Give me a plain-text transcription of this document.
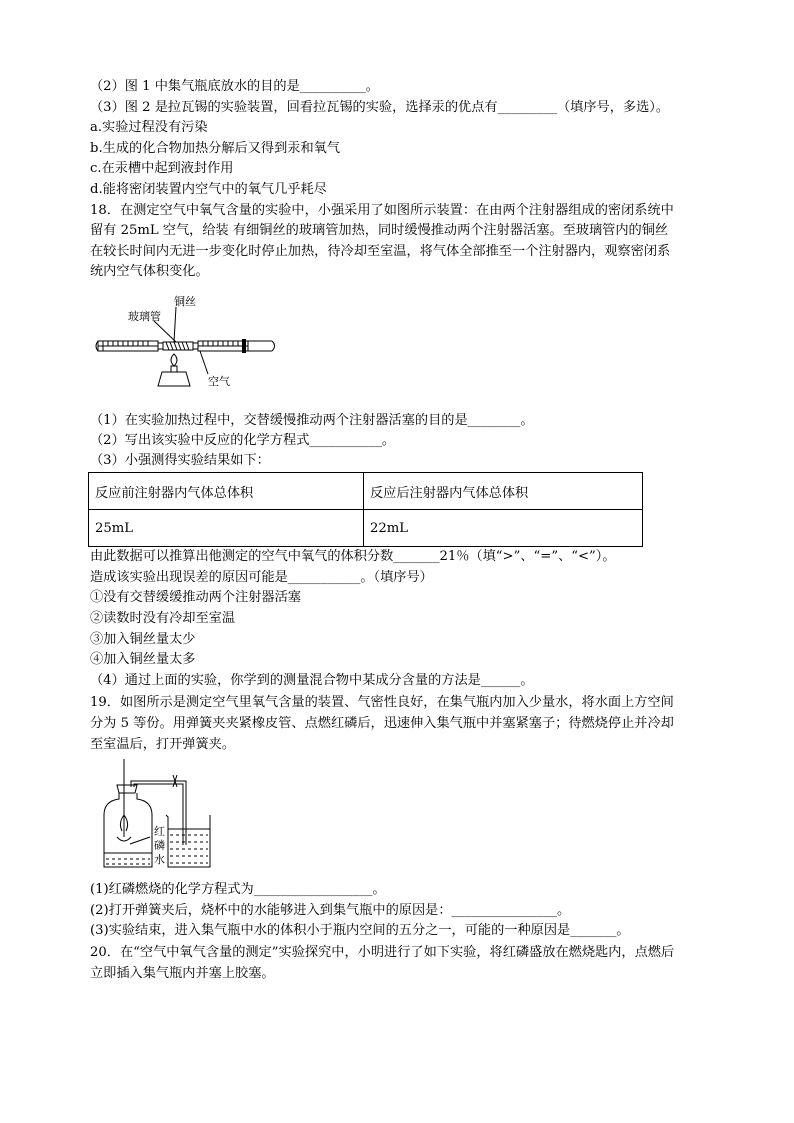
（2）图 1 中集气瓶底放水的目的是__________。
（3）图 2 是拉瓦锡的实验装置，回看拉瓦锡的实验，选择汞的优点有_________（填序号，多选）。
a.实验过程没有污染
b.生成的化合物加热分解后又得到汞和氧气
c.在汞槽中起到液封作用
d.能将密闭装置内空气中的氧气几乎耗尽
18．在测定空气中氧气含量的实验中，小强采用了如图所示装置：在由两个注射器组成的密闭系统中
留有 25mL 空气，给装 有细铜丝的玻璃管加热，同时缓慢推动两个注射器活塞。至玻璃管内的铜丝
在较长时间内无进一步变化时停止加热，待冷却至室温，将气体全部推至一个注射器内，观察密闭系
统内空气体积变化。
玻璃管
铜丝
空气
（1）在实验加热过程中，交替缓慢推动两个注射器活塞的目的是________。
（2）写出该实验中反应的化学方程式___________。
（3）小强测得实验结果如下：
反应前注射器内气体总体积	反应后注射器内气体总体积
25mL	22mL
由此数据可以推算出他测定的空气中氧气的体积分数_______21％（填“>”、“=”、“<”）。
造成该实验出现误差的原因可能是___________。（填序号）
①没有交替缓缓推动两个注射器活塞
②读数时没有冷却至室温
③加入铜丝量太少
④加入铜丝量太多
（4）通过上面的实验，你学到的测量混合物中某成分含量的方法是______。
19．如图所示是测定空气里氧气含量的装置、气密性良好，在集气瓶内加入少量水，将水面上方空间
分为 5 等份。用弹簧夹夹紧橡皮管、点燃红磷后，迅速伸入集气瓶中并塞紧塞子；待燃烧停止并冷却
至室温后，打开弹簧夹。
红
磷
水
(1)红磷燃烧的化学方程式为__________________。
(2)打开弹簧夹后，烧杯中的水能够进入到集气瓶中的原因是：________________。
(3)实验结束，进入集气瓶中水的体积小于瓶内空间的五分之一，可能的一种原因是_______。
20．在“空气中氧气含量的测定”实验探究中，小明进行了如下实验，将红磷盛放在燃烧匙内，点燃后
立即插入集气瓶内并塞上胶塞。
